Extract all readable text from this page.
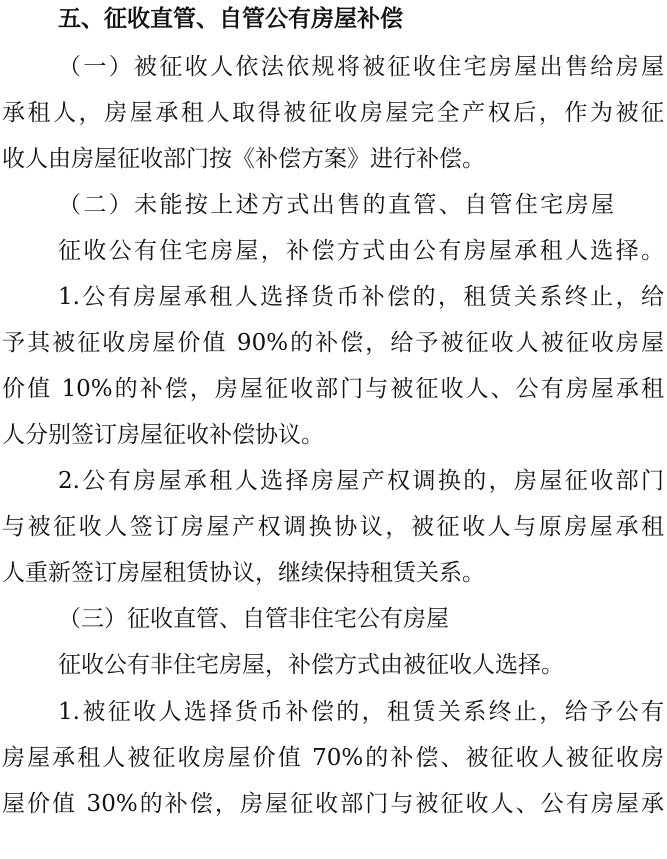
五、征收直管、自管公有房屋补偿
（一）被征收人依法依规将被征收住宅房屋出售给房屋
承租人，房屋承租人取得被征收房屋完全产权后，作为被征
收人由房屋征收部门按《补偿方案》进行补偿。
（二）未能按上述方式出售的直管、自管住宅房屋
征收公有住宅房屋，补偿方式由公有房屋承租人选择。
1.公有房屋承租人选择货币补偿的，租赁关系终止，给
予其被征收房屋价值 90%的补偿，给予被征收人被征收房屋
价值 10%的补偿，房屋征收部门与被征收人、公有房屋承租
人分别签订房屋征收补偿协议。
2.公有房屋承租人选择房屋产权调换的，房屋征收部门
与被征收人签订房屋产权调换协议，被征收人与原房屋承租
人重新签订房屋租赁协议，继续保持租赁关系。
（三）征收直管、自管非住宅公有房屋
征收公有非住宅房屋，补偿方式由被征收人选择。
1.被征收人选择货币补偿的，租赁关系终止，给予公有
房屋承租人被征收房屋价值 70%的补偿、被征收人被征收房
屋价值 30%的补偿，房屋征收部门与被征收人、公有房屋承
